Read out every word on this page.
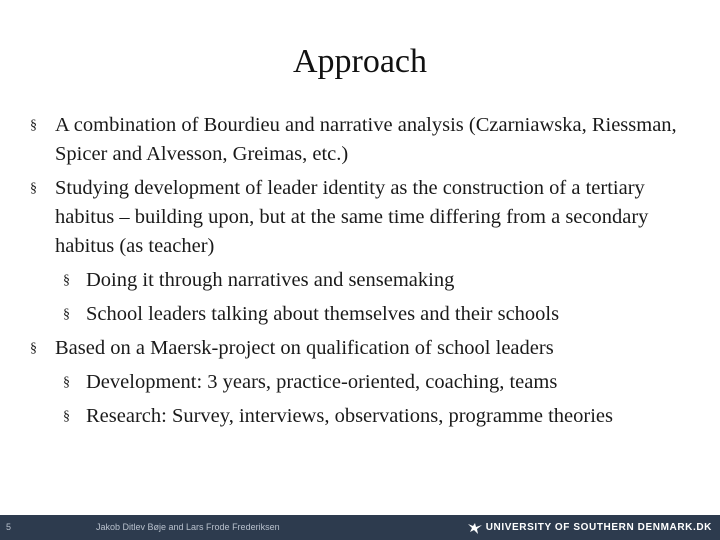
Approach
§ A combination of Bourdieu and narrative analysis (Czarniawska, Riessman, Spicer and Alvesson, Greimas, etc.)
§ Studying development of leader identity as the construction of a tertiary habitus – building upon, but at the same time differing from a secondary habitus (as teacher)
§ Doing it through narratives and sensemaking
§ School leaders talking about themselves and their schools
§ Based on a Maersk-project on qualification of school leaders
§ Development: 3 years, practice-oriented, coaching, teams
§ Research: Survey, interviews, observations, programme theories
5	Jakob Ditlev Bøje and Lars Frode Frederiksen	UNIVERSITY OF SOUTHERN DENMARK.DK
